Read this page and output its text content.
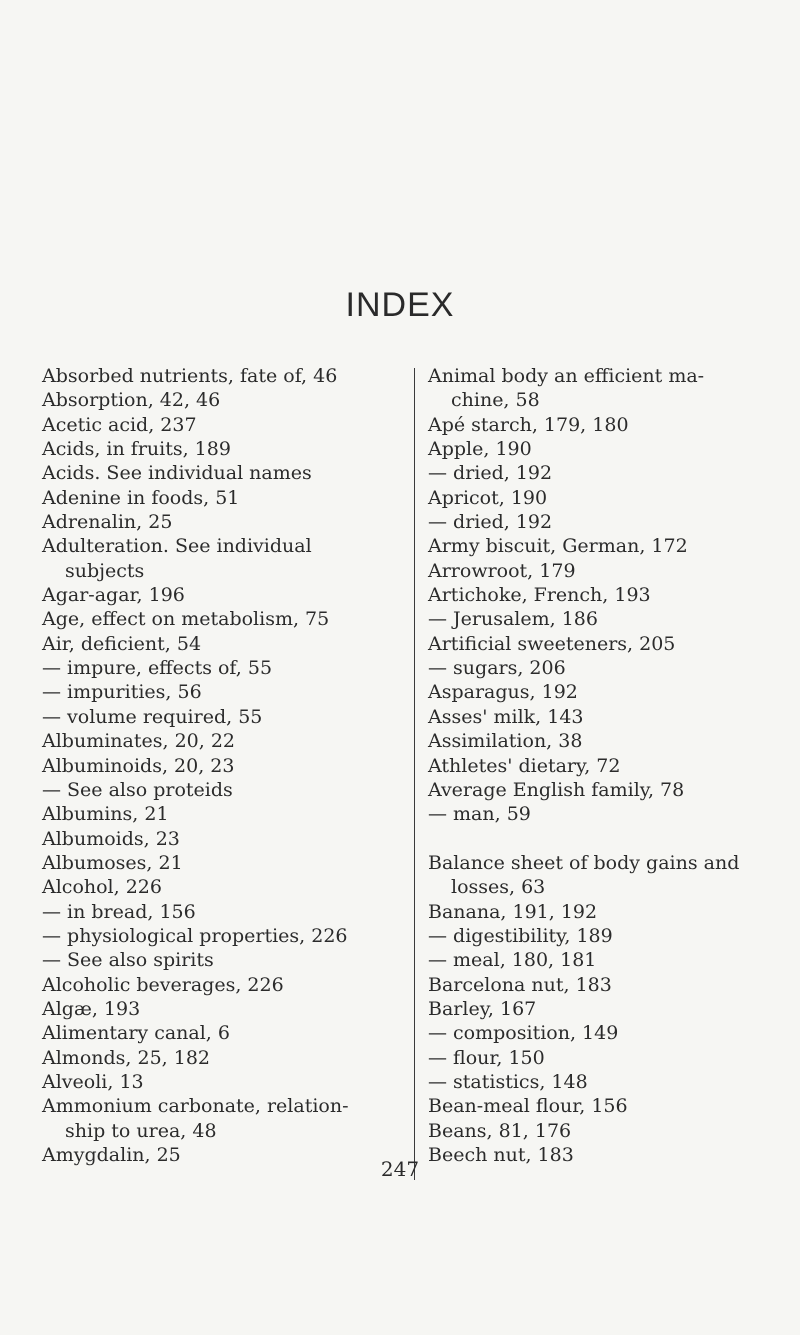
INDEX
Absorbed nutrients, fate of, 46
Absorption, 42, 46
Acetic acid, 237
Acids, in fruits, 189
Acids. See individual names
Adenine in foods, 51
Adrenalin, 25
Adulteration. See individual
subjects
Agar-agar, 196
Age, effect on metabolism, 75
Air, deficient, 54
— impure, effects of, 55
— impurities, 56
— volume required, 55
Albuminates, 20, 22
Albuminoids, 20, 23
— See also proteids
Albumins, 21
Albumoids, 23
Albumoses, 21
Alcohol, 226
— in bread, 156
— physiological properties, 226
— See also spirits
Alcoholic beverages, 226
Algæ, 193
Alimentary canal, 6
Almonds, 25, 182
Alveoli, 13
Ammonium carbonate, relation-
ship to urea, 48
Amygdalin, 25
Animal body an efficient ma-
chine, 58
Apé starch, 179, 180
Apple, 190
— dried, 192
Apricot, 190
— dried, 192
Army biscuit, German, 172
Arrowroot, 179
Artichoke, French, 193
— Jerusalem, 186
Artificial sweeteners, 205
— sugars, 206
Asparagus, 192
Asses' milk, 143
Assimilation, 38
Athletes' dietary, 72
Average English family, 78
— man, 59
Balance sheet of body gains and
losses, 63
Banana, 191, 192
— digestibility, 189
— meal, 180, 181
Barcelona nut, 183
Barley, 167
— composition, 149
— flour, 150
— statistics, 148
Bean-meal flour, 156
Beans, 81, 176
Beech nut, 183
247
